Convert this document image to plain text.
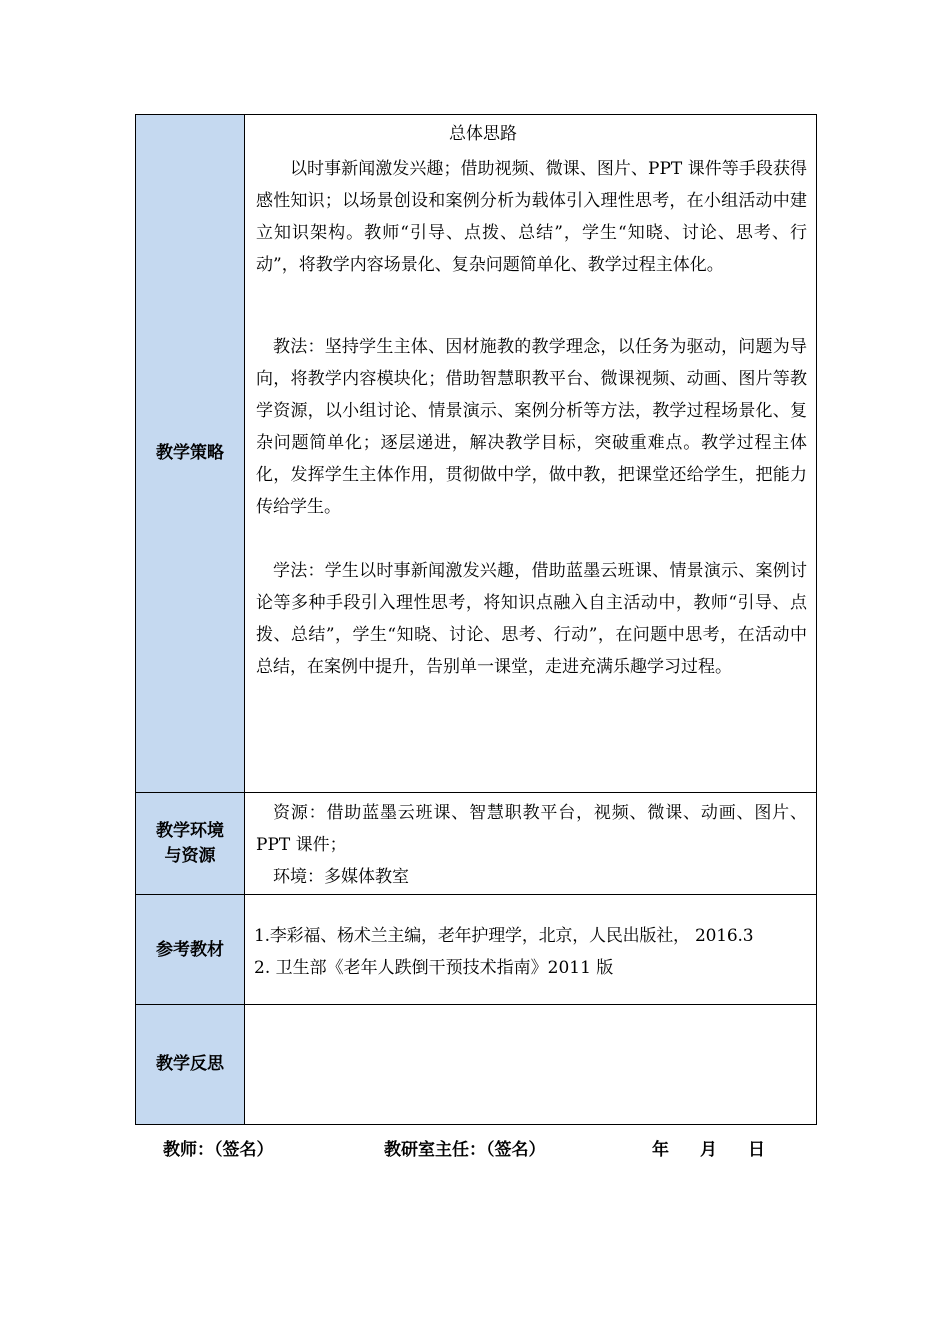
教学策略

总体思路

以时事新闻激发兴趣；借助视频、微课、图片、PPT 课件等手段获得感性知识；以场景创设和案例分析为载体引入理性思考，在小组活动中建立知识架构。教师“引导、点拨、总结”，学生“知晓、讨论、思考、行动”，将教学内容场景化、复杂问题简单化、教学过程主体化。

教法：坚持学生主体、因材施教的教学理念，以任务为驱动，问题为导向，将教学内容模块化；借助智慧职教平台、微课视频、动画、图片等教学资源，以小组讨论、情景演示、案例分析等方法，教学过程场景化、复杂问题简单化；逐层递进，解决教学目标，突破重难点。教学过程主体化，发挥学生主体作用，贯彻做中学，做中教，把课堂还给学生，把能力传给学生。

学法：学生以时事新闻激发兴趣，借助蓝墨云班课、情景演示、案例讨论等多种手段引入理性思考，将知识点融入自主活动中，教师“引导、点拨、总结”，学生“知晓、讨论、思考、行动”，在问题中思考，在活动中总结，在案例中提升，告别单一课堂，走进充满乐趣学习过程。

教学环境
与资源

资源：借助蓝墨云班课、智慧职教平台，视频、微课、动画、图片、PPT 课件；

环境：多媒体教室

参考教材

1.李彩福、杨术兰主编，老年护理学，北京，人民出版社， 2016.3

2. 卫生部《老年人跌倒干预技术指南》2011 版

教学反思
教师：（签名）	教研室主任：（签名）	年 月 日
